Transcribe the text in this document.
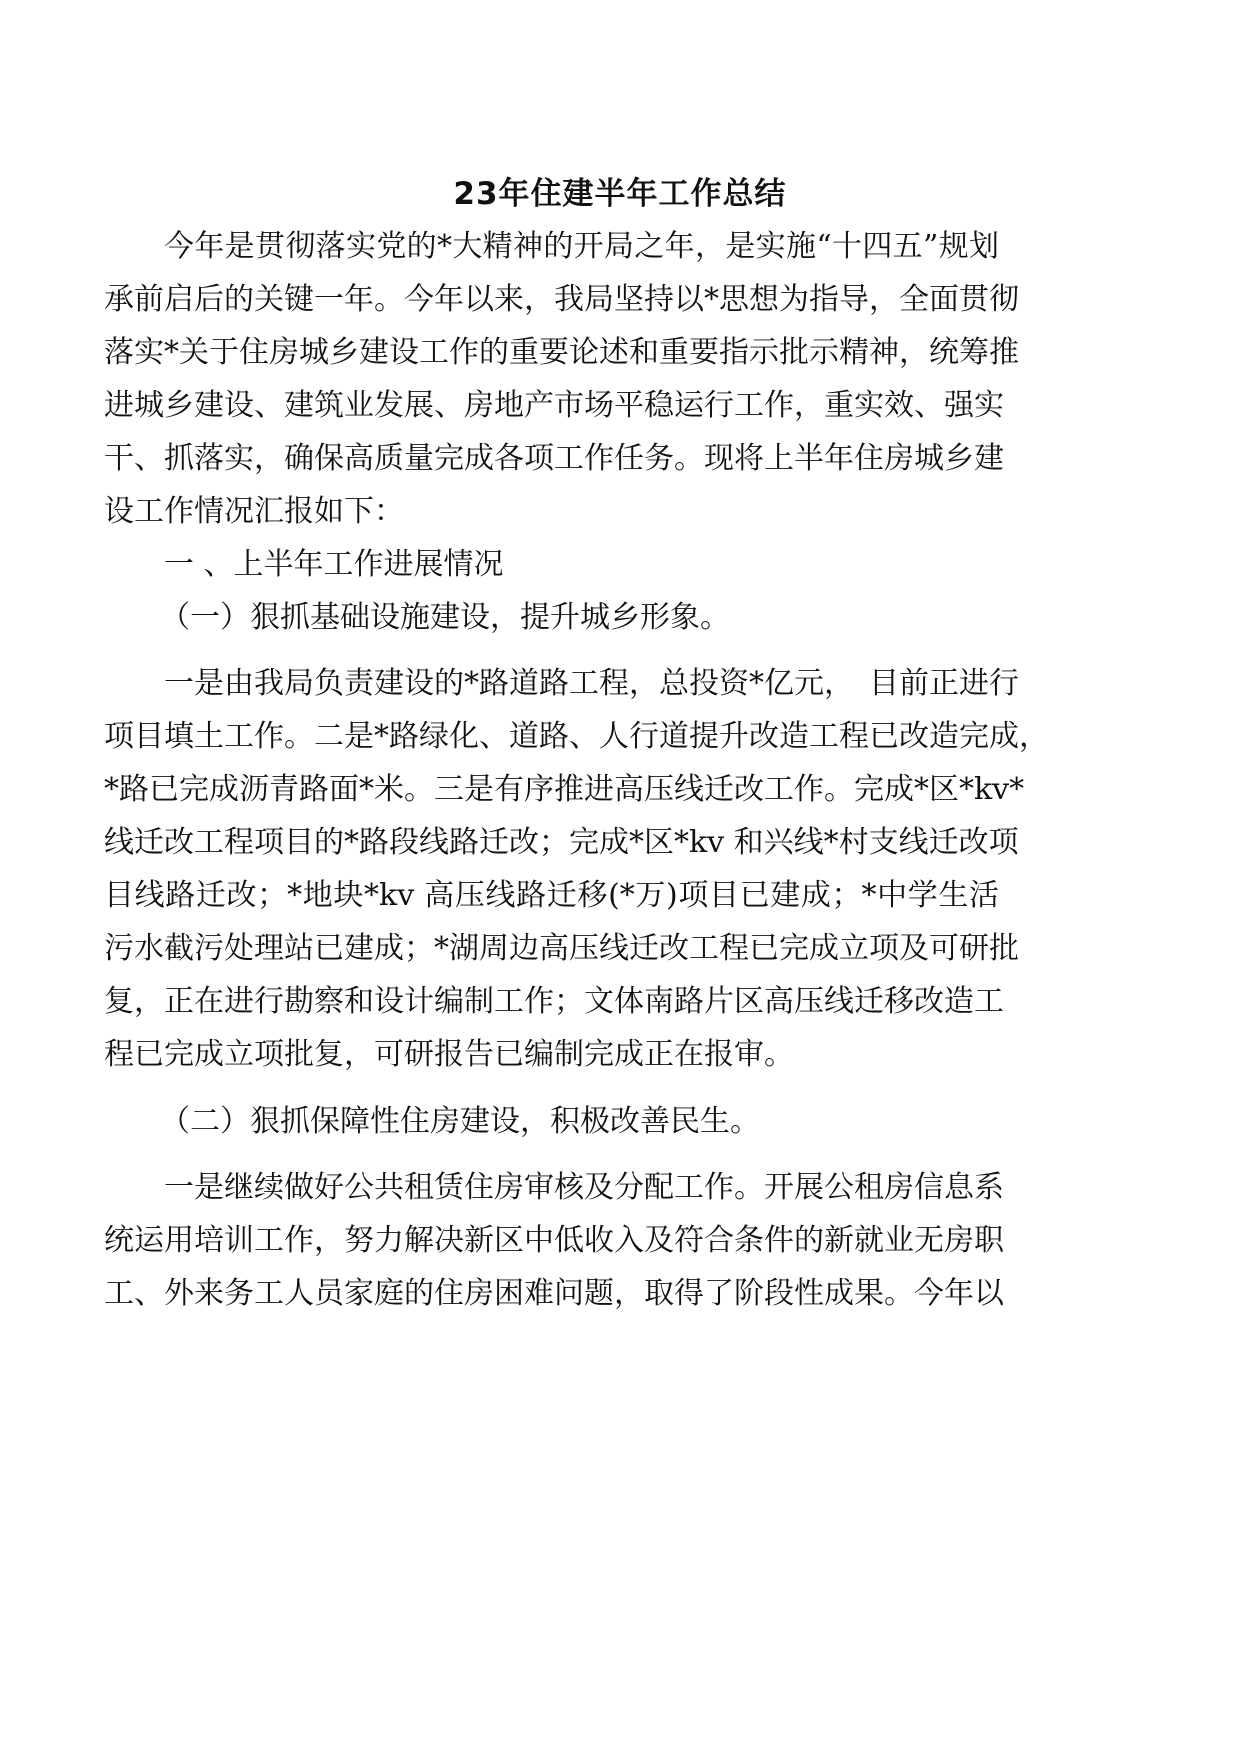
23年住建半年工作总结
今年是贯彻落实党的*大精神的开局之年，是实施“十四五”规划
承前启后的关键一年。今年以来，我局坚持以*思想为指导，全面贯彻
落实*关于住房城乡建设工作的重要论述和重要指示批示精神，统筹推
进城乡建设、建筑业发展、房地产市场平稳运行工作，重实效、强实
干、抓落实，确保高质量完成各项工作任务。现将上半年住房城乡建
设工作情况汇报如下：
一 、上半年工作进展情况
（一）狠抓基础设施建设，提升城乡形象。
一是由我局负责建设的*路道路工程，总投资*亿元，　目前正进行
项目填土工作。二是*路绿化、道路、人行道提升改造工程已改造完成，
*路已完成沥青路面*米。三是有序推进高压线迁改工作。完成*区*kv*
线迁改工程项目的*路段线路迁改；完成*区*kv 和兴线*村支线迁改项
目线路迁改；*地块*kv 高压线路迁移(*万)项目已建成；*中学生活
污水截污处理站已建成；*湖周边高压线迁改工程已完成立项及可研批
复，正在进行勘察和设计编制工作；文体南路片区高压线迁移改造工
程已完成立项批复，可研报告已编制完成正在报审。
（二）狠抓保障性住房建设，积极改善民生。
一是继续做好公共租赁住房审核及分配工作。开展公租房信息系
统运用培训工作，努力解决新区中低收入及符合条件的新就业无房职
工、外来务工人员家庭的住房困难问题，取得了阶段性成果。今年以
